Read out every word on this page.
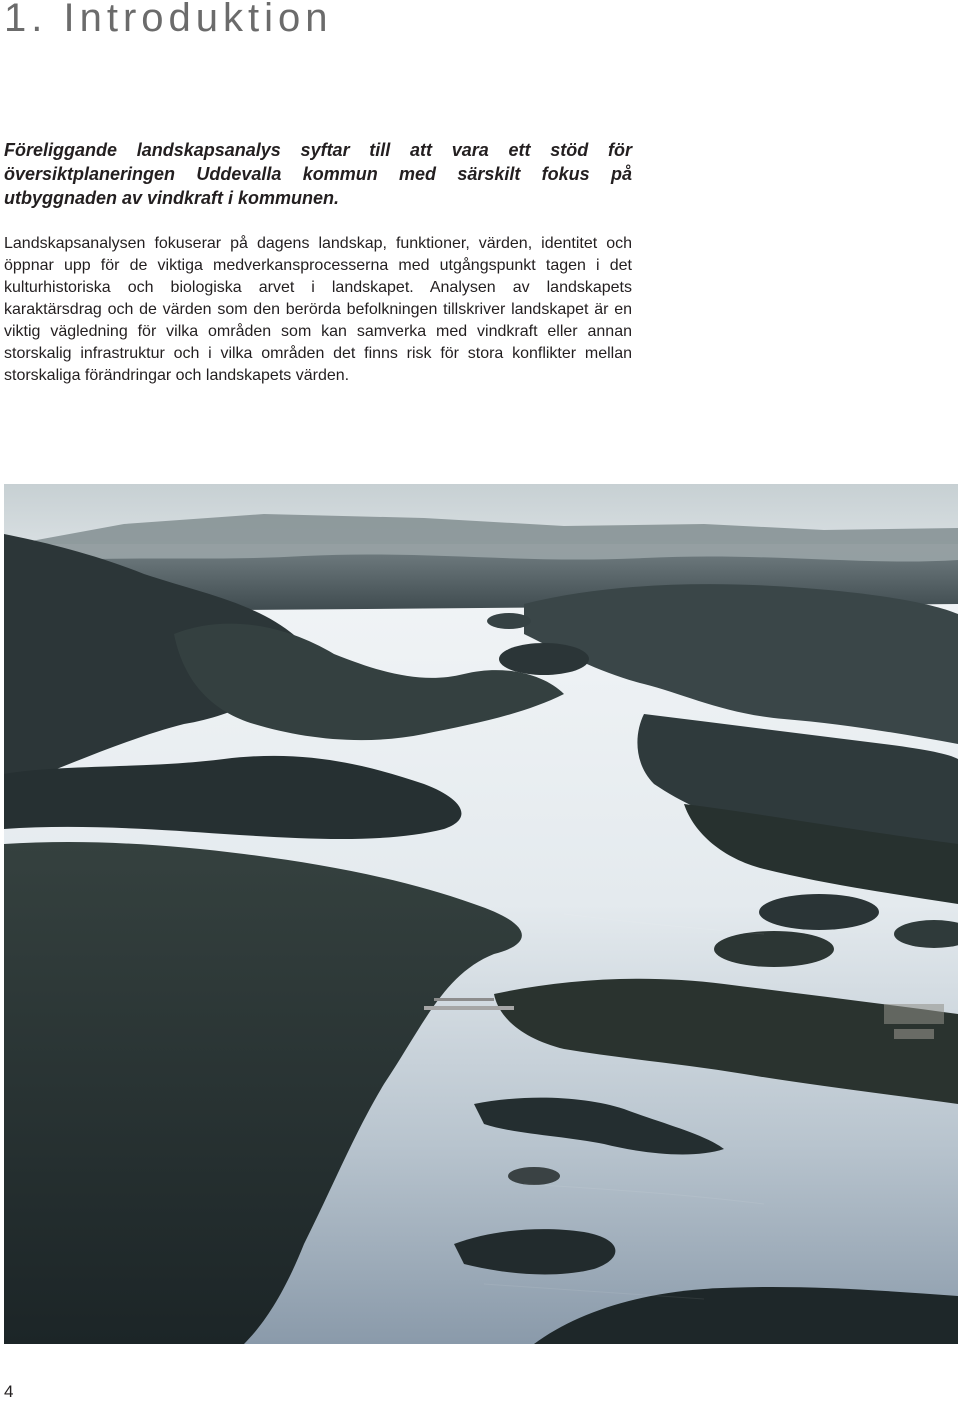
1. Introduktion

Föreliggande landskapsanalys syftar till att vara ett stöd för översiktplaneringen Uddevalla kommun med särskilt fokus på utbyggnaden av vindkraft i kommunen.

Landskapsanalysen fokuserar på dagens landskap, funktioner, värden, identitet och öppnar upp för de viktiga medverkansprocesserna med utgångspunkt tagen i det kulturhistoriska och biologiska arvet i landskapet. Analysen av landskapets karaktärsdrag och de värden som den berörda befolkningen tillskriver landskapet är en viktig vägledning för vilka områden som kan samverka med vindkraft eller annan storskalig infrastruktur och i vilka områden det finns risk för stora konflikter mellan storskaliga förändringar och landskapets värden.

4
